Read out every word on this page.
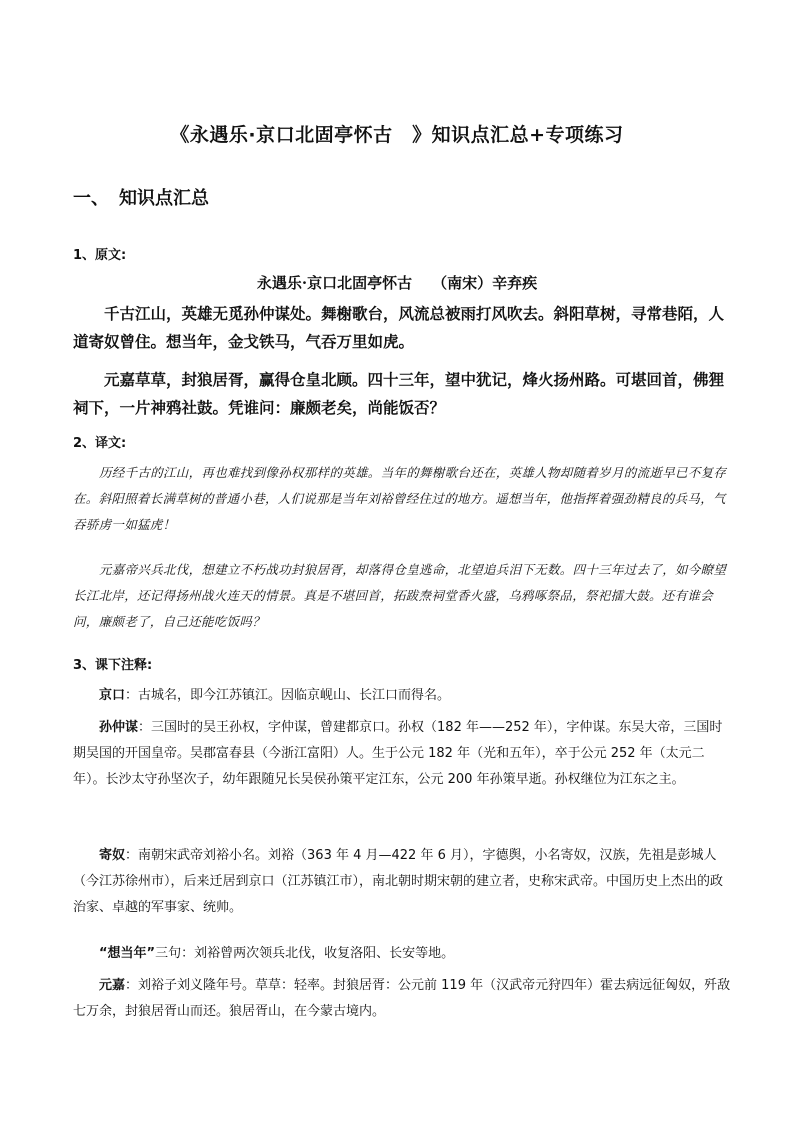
《永遇乐·京口北固亭怀古　》知识点汇总+专项练习
一、 知识点汇总
1、原文:
永遇乐·京口北固亭怀古 （南宋）辛弃疾

千古江山，英雄无觅孙仲谋处。舞榭歌台，风流总被雨打风吹去。斜阳草树，寻常巷陌，人道寄奴曾住。想当年，金戈铁马，气吞万里如虎。

元嘉草草，封狼居胥，赢得仓皇北顾。四十三年，望中犹记，烽火扬州路。可堪回首，佛狸祠下，一片神鸦社鼓。凭谁问：廉颇老矣，尚能饭否？

2、译文:

历经千古的江山，再也难找到像孙权那样的英雄。当年的舞榭歌台还在，英雄人物却随着岁月的流逝早已不复存在。斜阳照着长满草树的普通小巷，人们说那是当年刘裕曾经住过的地方。遥想当年，他指挥着强劲精良的兵马，气吞骄虏一如猛虎！

元嘉帝兴兵北伐，想建立不朽战功封狼居胥，却落得仓皇逃命，北望追兵泪下无数。四十三年过去了，如今瞭望长江北岸，还记得扬州战火连天的情景。真是不堪回首，拓跋焘祠堂香火盛，乌鸦啄祭品，祭祀擂大鼓。还有谁会问，廉颇老了，自己还能吃饭吗？

3、课下注释:

京口：古城名，即今江苏镇江。因临京岘山、长江口而得名。

孙仲谋：三国时的吴王孙权，字仲谋，曾建都京口。孙权（182 年——252 年），字仲谋。东吴大帝，三国时期吴国的开国皇帝。吴郡富春县（今浙江富阳）人。生于公元 182 年（光和五年），卒于公元 252 年（太元二年）。长沙太守孙坚次子，幼年跟随兄长吴侯孙策平定江东，公元 200 年孙策早逝。孙权继位为江东之主。

寄奴：南朝宋武帝刘裕小名。刘裕（363 年 4 月—422 年 6 月），字德舆，小名寄奴，汉族，先祖是彭城人（今江苏徐州市），后来迁居到京口（江苏镇江市），南北朝时期宋朝的建立者，史称宋武帝。中国历史上杰出的政治家、卓越的军事家、统帅。

“想当年”三句：刘裕曾两次领兵北伐，收复洛阳、长安等地。

元嘉：刘裕子刘义隆年号。草草：轻率。封狼居胥：公元前 119 年（汉武帝元狩四年）霍去病远征匈奴，歼敌七万余，封狼居胥山而还。狼居胥山，在今蒙古境内。
